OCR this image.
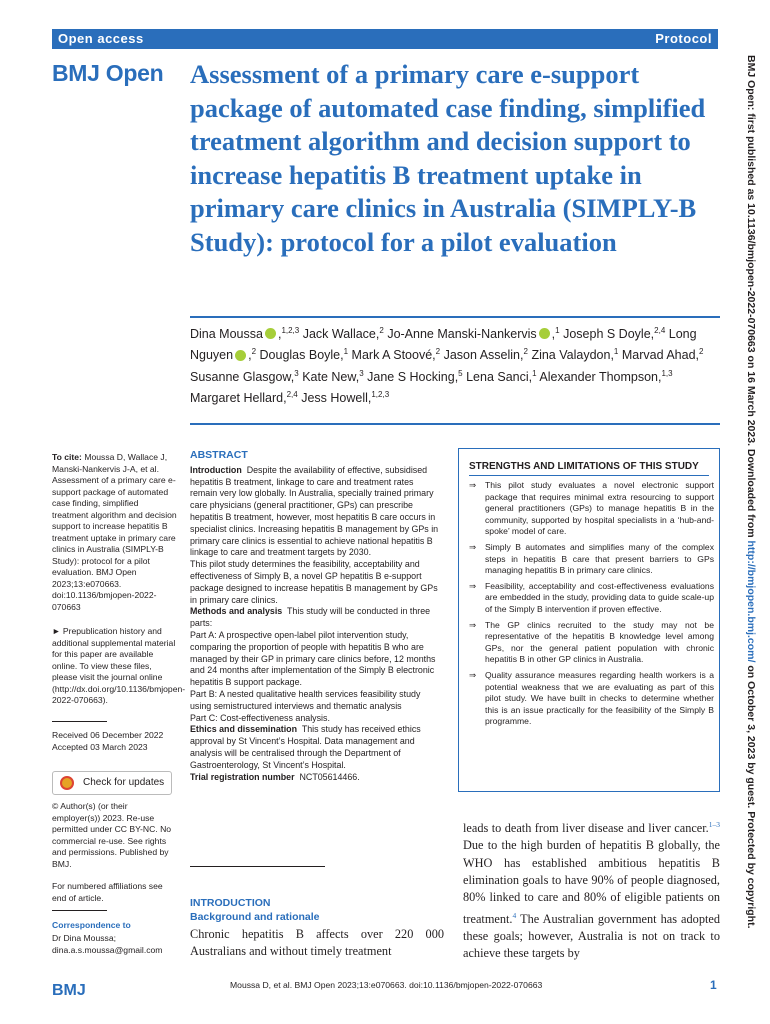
Open access	Protocol
BMJ Open Assessment of a primary care e-support package of automated case finding, simplified treatment algorithm and decision support to increase hepatitis B treatment uptake in primary care clinics in Australia (SIMPLY-B Study): protocol for a pilot evaluation	BMJ Open: first published as 10.1136/bmjopen-2022-070663 on 16 March 2023. Downloaded from http://bmjopen.bmj.com/ on October 3, 2023 by guest. Protected by copyright.
Dina Moussa ,$^{1,2,3}$ Jack Wallace,$^2$ Jo-Anne Manski-Nankervis ,$^1$ Joseph S Doyle,$^{2,4}$ Long Nguyen ,$^2$ Douglas Boyle,$^1$ Mark A Stoové,$^2$ Jason Asselin,$^2$ Zina Valaydon,$^1$ Marvad Ahad,$^2$ Susanne Glasgow,$^3$ Kate New,$^3$ Jane S Hocking,$^5$ Lena Sanci,$^1$ Alexander Thompson,$^{1,3}$ Margaret Hellard,$^{2,4}$ Jess Howell,$^{1,2,3}$
To cite: Moussa D, Wallace J, Manski-Nankervis J-A, et al. Assessment of a primary care e-support package of automated case finding, simplified treatment algorithm and decision support to increase hepatitis B treatment uptake in primary care clinics in Australia (SIMPLY-B Study): protocol for a pilot evaluation. BMJ Open 2023;13:e070663. doi:10.1136/bmjopen-2022-070663
► Prepublication history and additional supplemental material for this paper are available online. To view these files, please visit the journal online (http://dx.doi.org/10.1136/bmjopen-2022-070663).
Received 06 December 2022
Accepted 03 March 2023
Check for updates
© Author(s) (or their employer(s)) 2023. Re-use permitted under CC BY-NC. No commercial re-use. See rights and permissions. Published by BMJ.
For numbered affiliations see end of article.
Correspondence to
Dr Dina Moussa;
dina.a.s.moussa@gmail.com
ABSTRACT
Introduction Despite the availability of effective, subsidised hepatitis B treatment, linkage to care and treatment rates remain very low globally. In Australia, specially trained primary care physicians (general practitioner, GPs) can prescribe hepatitis B treatment, however, most hepatitis B care occurs in specialist clinics. Increasing hepatitis B management by GPs in primary care clinics is essential to achieve national hepatitis B linkage to care and treatment targets by 2030.
This pilot study determines the feasibility, acceptability and effectiveness of Simply B, a novel GP hepatitis B e-support package designed to increase hepatitis B management by GPs in primary care clinics.
Methods and analysis This study will be conducted in three parts:
Part A: A prospective open-label pilot intervention study, comparing the proportion of people with hepatitis B who are managed by their GP in primary care clinics before, 12 months and 24 months after implementation of the Simply B electronic hepatitis B support package.
Part B: A nested qualitative health services feasibility study using semistructured interviews and thematic analysis
Part C: Cost-effectiveness analysis.
Ethics and dissemination This study has received ethics approval by St Vincent’s Hospital. Data management and analysis will be centralised through the Department of Gastroenterology, St Vincent’s Hospital.
Trial registration number NCT05614466.
STRENGTHS AND LIMITATIONS OF THIS STUDY
⇒ This pilot study evaluates a novel electronic support package that requires minimal extra resourcing to support general practitioners (GPs) to manage hepatitis B in the community, supported by hospital specialists in a ‘hub-and-spoke’ model of care.
⇒ Simply B automates and simplifies many of the complex steps in hepatitis B care that present barriers to GPs managing hepatitis B in primary care clinics.
⇒ Feasibility, acceptability and cost-effectiveness evaluations are embedded in the study, providing data to guide scale-up of the Simply B intervention if proven effective.
⇒ The GP clinics recruited to the study may not be representative of the hepatitis B knowledge level among GPs, nor the general patient population with chronic hepatitis B in other GP clinics in Australia.
⇒ Quality assurance measures regarding health workers is a potential weakness that we are evaluating as part of this pilot study. We have built in checks to determine whether this is an issue practically for the feasibility of the Simply B programme.
INTRODUCTION
Background and rationale
Chronic hepatitis B affects over 220 000 Australians and without timely treatment
leads to death from liver disease and liver cancer.$^{1-3}$ Due to the high burden of hepatitis B globally, the WHO has established ambitious hepatitis B elimination goals to have 90% of people diagnosed, 80% linked to care and 80% of eligible patients on treatment.$^4$ The Australian government has adopted these goals; however, Australia is not on track to achieve these targets by
BMJ	Moussa D, et al. BMJ Open 2023;13:e070663. doi:10.1136/bmjopen-2022-070663	1
